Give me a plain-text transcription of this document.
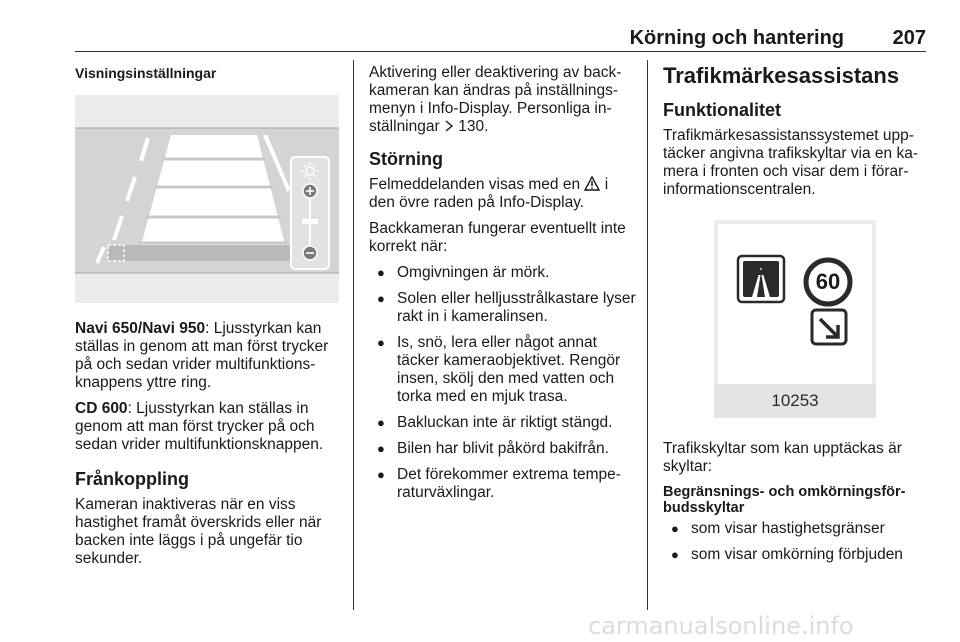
Körning och hantering 207

Visningsinställningar

Navi 650/Navi 950: Ljusstyrkan kan ställas in genom att man först trycker på och sedan vrider multifunktionsknappens yttre ring.

CD 600: Ljusstyrkan kan ställas in genom att man först trycker på och sedan vrider multifunktionsknappen.

Frånkoppling

Kameran inaktiveras när en viss hastighet framåt överskrids eller när backen inte läggs i på ungefär tio sekunder.

Aktivering eller deaktivering av backkameran kan ändras på inställningsmenyn i Info-Display. Personliga inställningar 130.

Störning

Felmeddelanden visas med en i den övre raden på Info-Display.

Backkameran fungerar eventuellt inte korrekt när:

● Omgivningen är mörk.
● Solen eller helljusstrålkastare lyser rakt in i kameralinsen.
● Is, snö, lera eller något annat täcker kameraobjektivet. Rengör insen, skölj den med vatten och torka med en mjuk trasa.
● Bakluckan inte är riktigt stängd.
● Bilen har blivit påkörd bakifrån.
● Det förekommer extrema temperaturväxlingar.

Trafikmärkesassistans

Funktionalitet

Trafikmärkesassistanssystemet upptäcker angivna trafikskyltar via en kamera i fronten och visar dem i förarinformationscentralen.

60
10253

Trafikskyltar som kan upptäckas är skyltar:

Begränsnings- och omkörningsförbudsskyltar

● som visar hastighetsgränser
● som visar omkörning förbjuden
carmanualsonline.info
